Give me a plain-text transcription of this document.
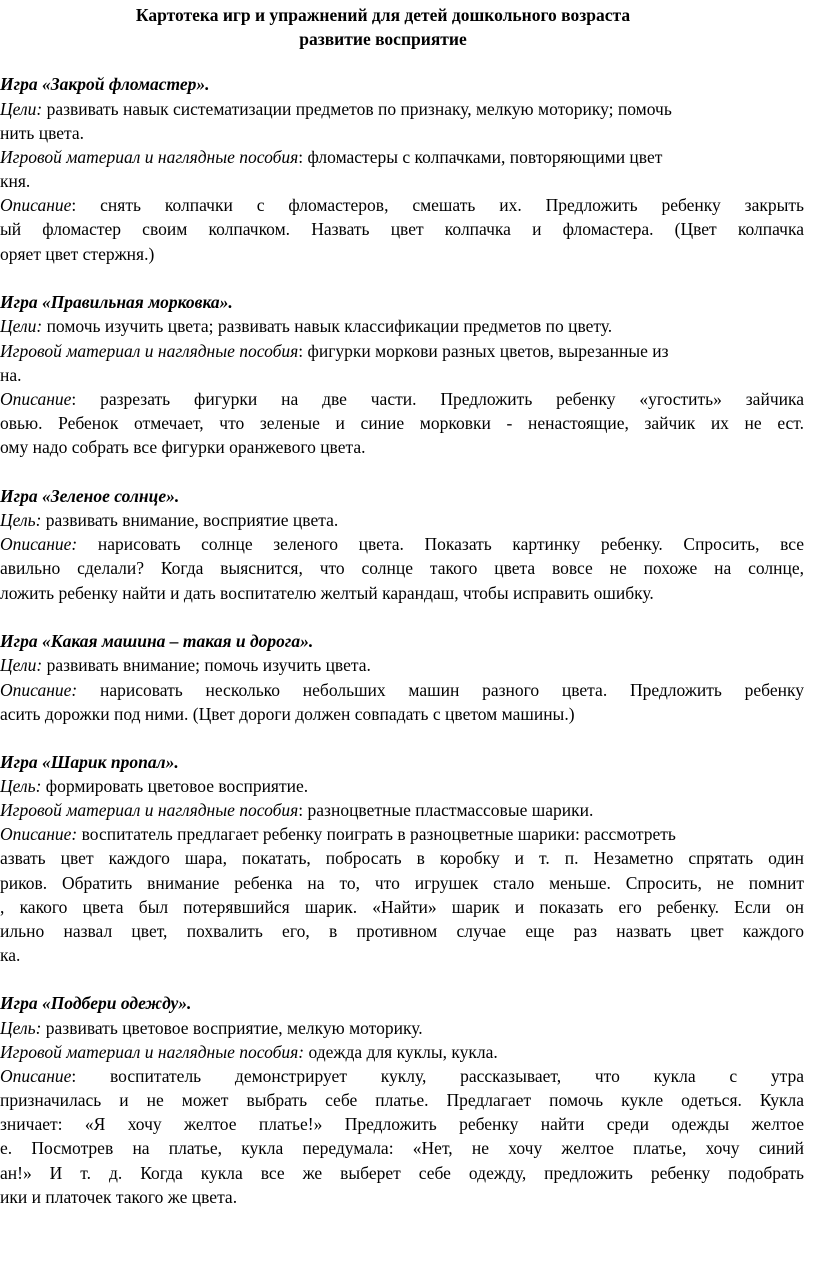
Картотека игр и упражнений для детей дошкольного возраста
развитие восприятие
Игра «Закрой фломастер».
Цели: развивать навык систематизации предметов по признаку, мелкую моторику; помочь
нить цвета.
Игровой материал и наглядные пособия: фломастеры с колпачками, повторяющими цвет
кня.
Описание: снять колпачки с фломастеров, смешать их. Предложить ребенку закрыть
ый фломастер своим колпачком. Назвать цвет колпачка и фломастера. (Цвет колпачка
оряет цвет стержня.)
Игра «Правильная морковка».
Цели: помочь изучить цвета; развивать навык классификации предметов по цвету.
Игровой материал и наглядные пособия: фигурки моркови разных цветов, вырезанные из
на.
Описание: разрезать фигурки на две части. Предложить ребенку «угостить» зайчика
овью. Ребенок отмечает, что зеленые и синие морковки - ненастоящие, зайчик их не ест.
ому надо собрать все фигурки оранжевого цвета.
Игра «Зеленое солнце».
Цель: развивать внимание, восприятие цвета.
Описание: нарисовать солнце зеленого цвета. Показать картинку ребенку. Спросить, все
авильно сделали? Когда выяснится, что солнце такого цвета вовсе не похоже на солнце,
ложить ребенку найти и дать воспитателю желтый карандаш, чтобы исправить ошибку.
Игра «Какая машина – такая и дорога».
Цели: развивать внимание; помочь изучить цвета.
Описание: нарисовать несколько небольших машин разного цвета. Предложить ребенку
асить дорожки под ними. (Цвет дороги должен совпадать с цветом машины.)
Игра «Шарик пропал».
Цель: формировать цветовое восприятие.
Игровой материал и наглядные пособия: разноцветные пластмассовые шарики.
Описание: воспитатель предлагает ребенку поиграть в разноцветные шарики: рассмотреть
азвать цвет каждого шара, покатать, побросать в коробку и т. п. Незаметно спрятать один
риков. Обратить внимание ребенка на то, что игрушек стало меньше. Спросить, не помнит
, какого цвета был потерявшийся шарик. «Найти» шарик и показать его ребенку. Если он
ильно назвал цвет, похвалить его, в противном случае еще раз назвать цвет каждого
ка.
Игра «Подбери одежду».
Цель: развивать цветовое восприятие, мелкую моторику.
Игровой материал и наглядные пособия: одежда для куклы, кукла.
Описание: воспитатель демонстрирует куклу, рассказывает, что кукла с утра
призначилась и не может выбрать себе платье. Предлагает помочь кукле одеться. Кукла
зничает: «Я хочу желтое платье!» Предложить ребенку найти среди одежды желтое
е. Посмотрев на платье, кукла передумала: «Нет, не хочу желтое платье, хочу синий
ан!» И т. д. Когда кукла все же выберет себе одежду, предложить ребенку подобрать
ики и платочек такого же цвета.
